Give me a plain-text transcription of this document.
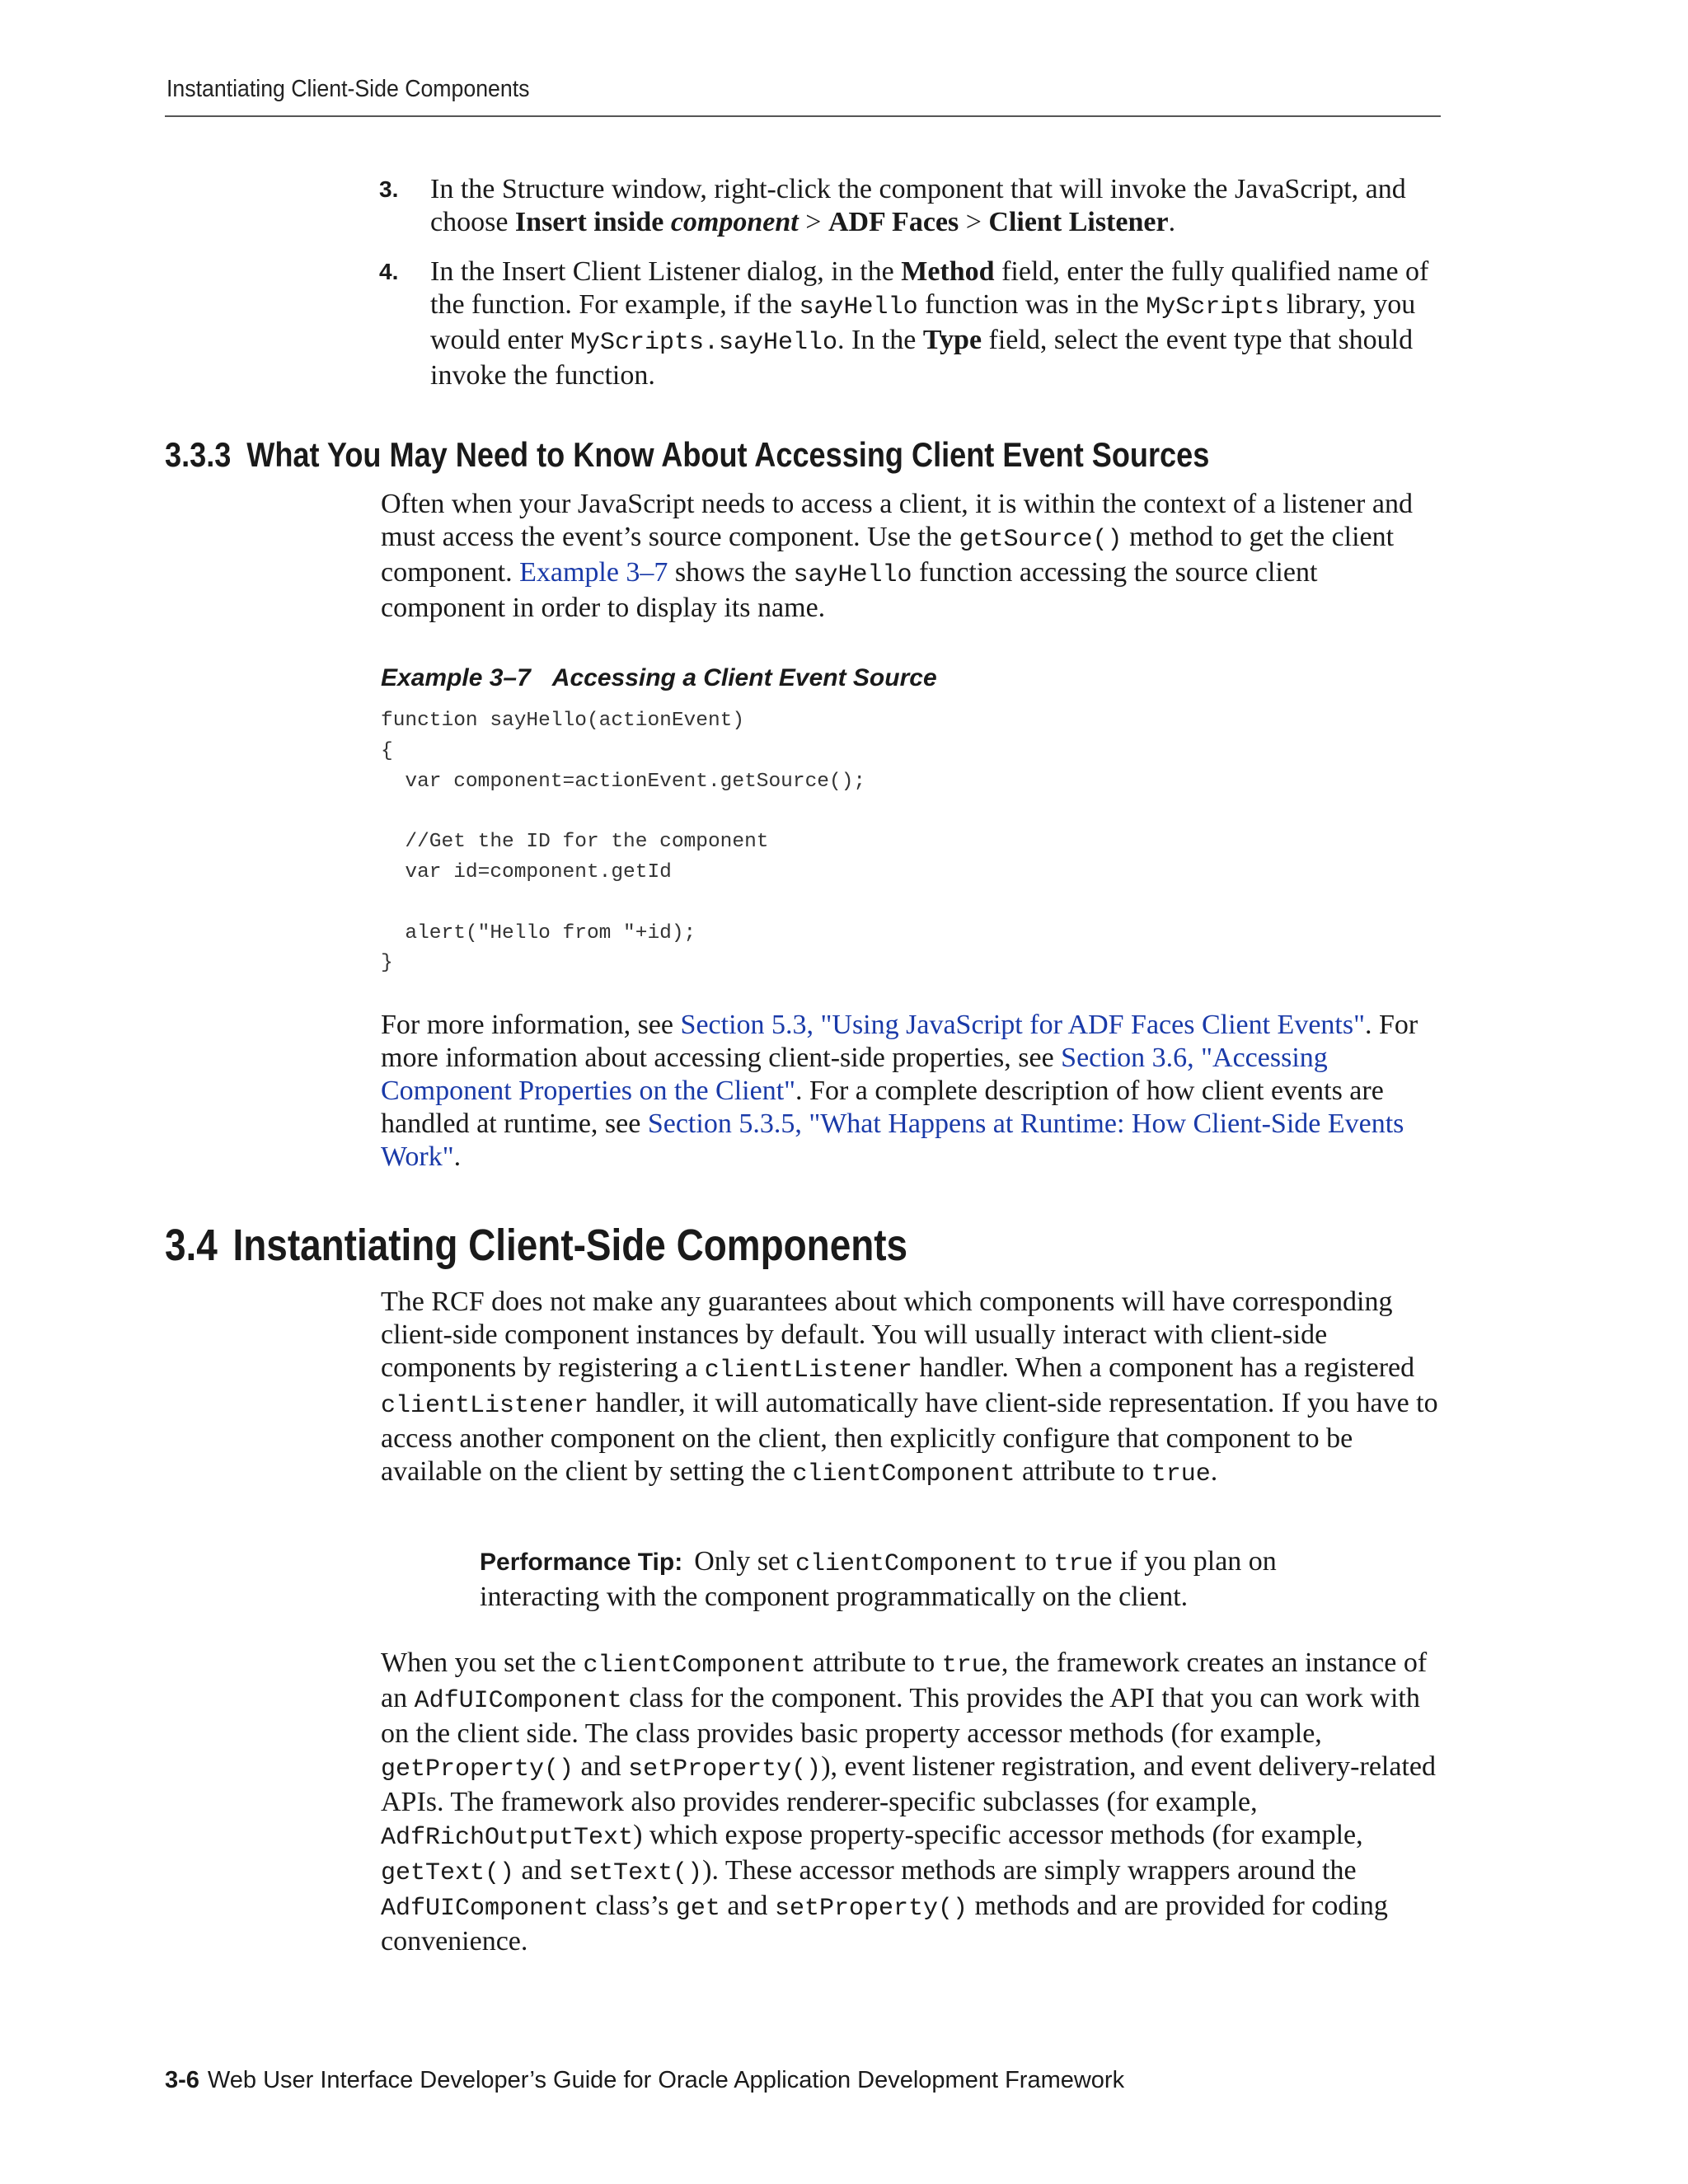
Instantiating Client-Side Components
3. In the Structure window, right-click the component that will invoke the JavaScript, and choose Insert inside component > ADF Faces > Client Listener.
4. In the Insert Client Listener dialog, in the Method field, enter the fully qualified name of the function. For example, if the sayHello function was in the MyScripts library, you would enter MyScripts.sayHello. In the Type field, select the event type that should invoke the function.
3.3.3 What You May Need to Know About Accessing Client Event Sources
Often when your JavaScript needs to access a client, it is within the context of a listener and must access the event’s source component. Use the getSource() method to get the client component. Example 3–7 shows the sayHello function accessing the source client component in order to display its name.
Example 3–7 Accessing a Client Event Source
function sayHello(actionEvent)
{
var component=actionEvent.getSource();

//Get the ID for the component
var id=component.getId

alert("Hello from "+id);
}
For more information, see Section 5.3, "Using JavaScript for ADF Faces Client Events". For more information about accessing client-side properties, see Section 3.6, "Accessing Component Properties on the Client". For a complete description of how client events are handled at runtime, see Section 5.3.5, "What Happens at Runtime: How Client-Side Events Work".
3.4 Instantiating Client-Side Components
The RCF does not make any guarantees about which components will have corresponding client-side component instances by default. You will usually interact with client-side components by registering a clientListener handler. When a component has a registered clientListener handler, it will automatically have client-side representation. If you have to access another component on the client, then explicitly configure that component to be available on the client by setting the clientComponent attribute to true.
Performance Tip: Only set clientComponent to true if you plan on interacting with the component programmatically on the client.
When you set the clientComponent attribute to true, the framework creates an instance of an AdfUIComponent class for the component. This provides the API that you can work with on the client side. The class provides basic property accessor methods (for example, getProperty() and setProperty()), event listener registration, and event delivery-related APIs. The framework also provides renderer-specific subclasses (for example, AdfRichOutputText) which expose property-specific accessor methods (for example, getText() and setText()). These accessor methods are simply wrappers around the AdfUIComponent class’s get and setProperty() methods and are provided for coding convenience.
3-6 Web User Interface Developer’s Guide for Oracle Application Development Framework
